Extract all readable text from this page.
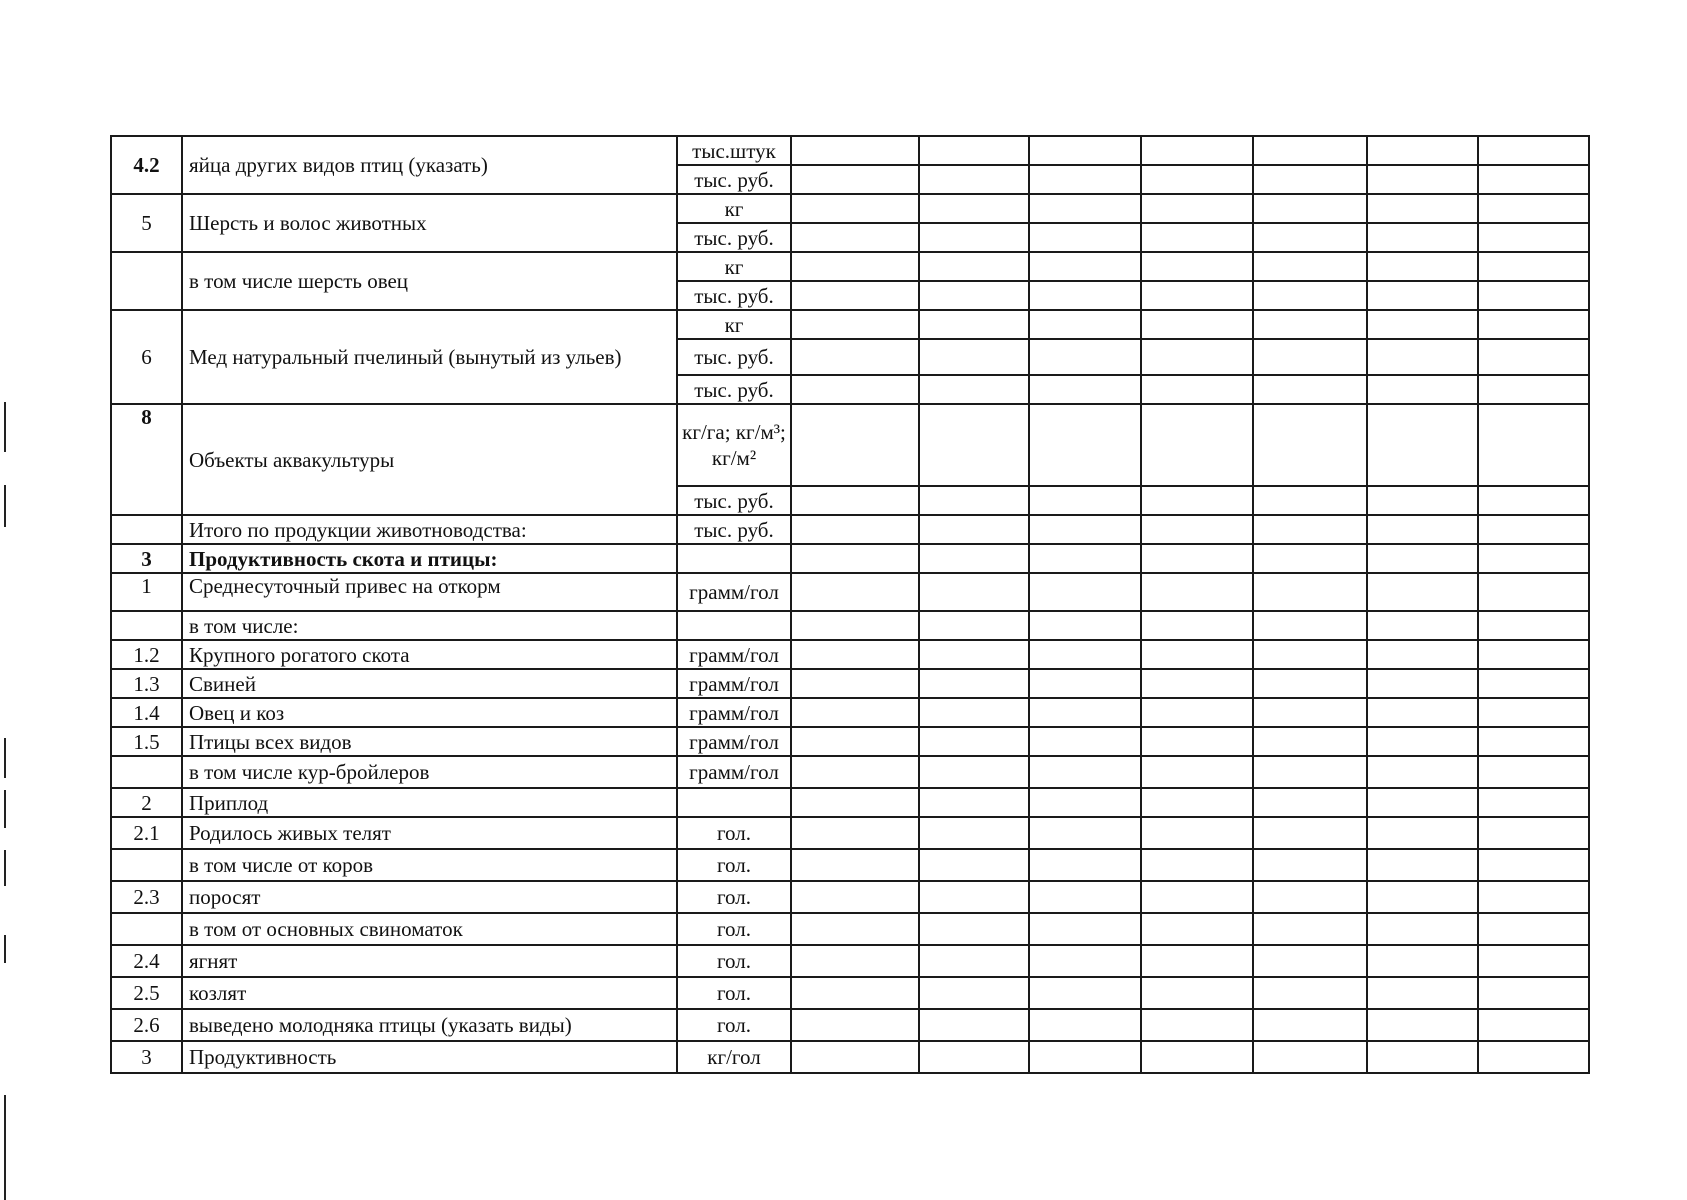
4.2	яйца других видов птиц (указать)	тыс.штук							
		тыс. руб.							
5	Шерсть и волос животных	кг							
		тыс. руб.							
	в том числе шерсть овец	кг							
		тыс. руб.							
6	Мед натуральный пчелиный (вынутый из ульев)	кг							
		тыс. руб.							
		тыс. руб.							
8	Объекты аквакультуры	кг/га; кг/м³; кг/м²							
		тыс. руб.							
	Итого по продукции животноводства:	тыс. руб.							
3	Продуктивность скота и птицы:								
1	Среднесуточный привес на откорм	грамм/гол							
	в том числе:								
1.2	Крупного рогатого скота	грамм/гол							
1.3	Свиней	грамм/гол							
1.4	Овец и коз	грамм/гол							
1.5	Птицы всех видов	грамм/гол							
	в том числе кур-бройлеров	грамм/гол							
2	Приплод								
2.1	Родилось живых телят	гол.							
	в том числе от коров	гол.							
2.3	поросят	гол.							
	в том от основных свиноматок	гол.							
2.4	ягнят	гол.							
2.5	козлят	гол.							
2.6	выведено молодняка птицы (указать виды)	гол.							
3	Продуктивность	кг/гол							
